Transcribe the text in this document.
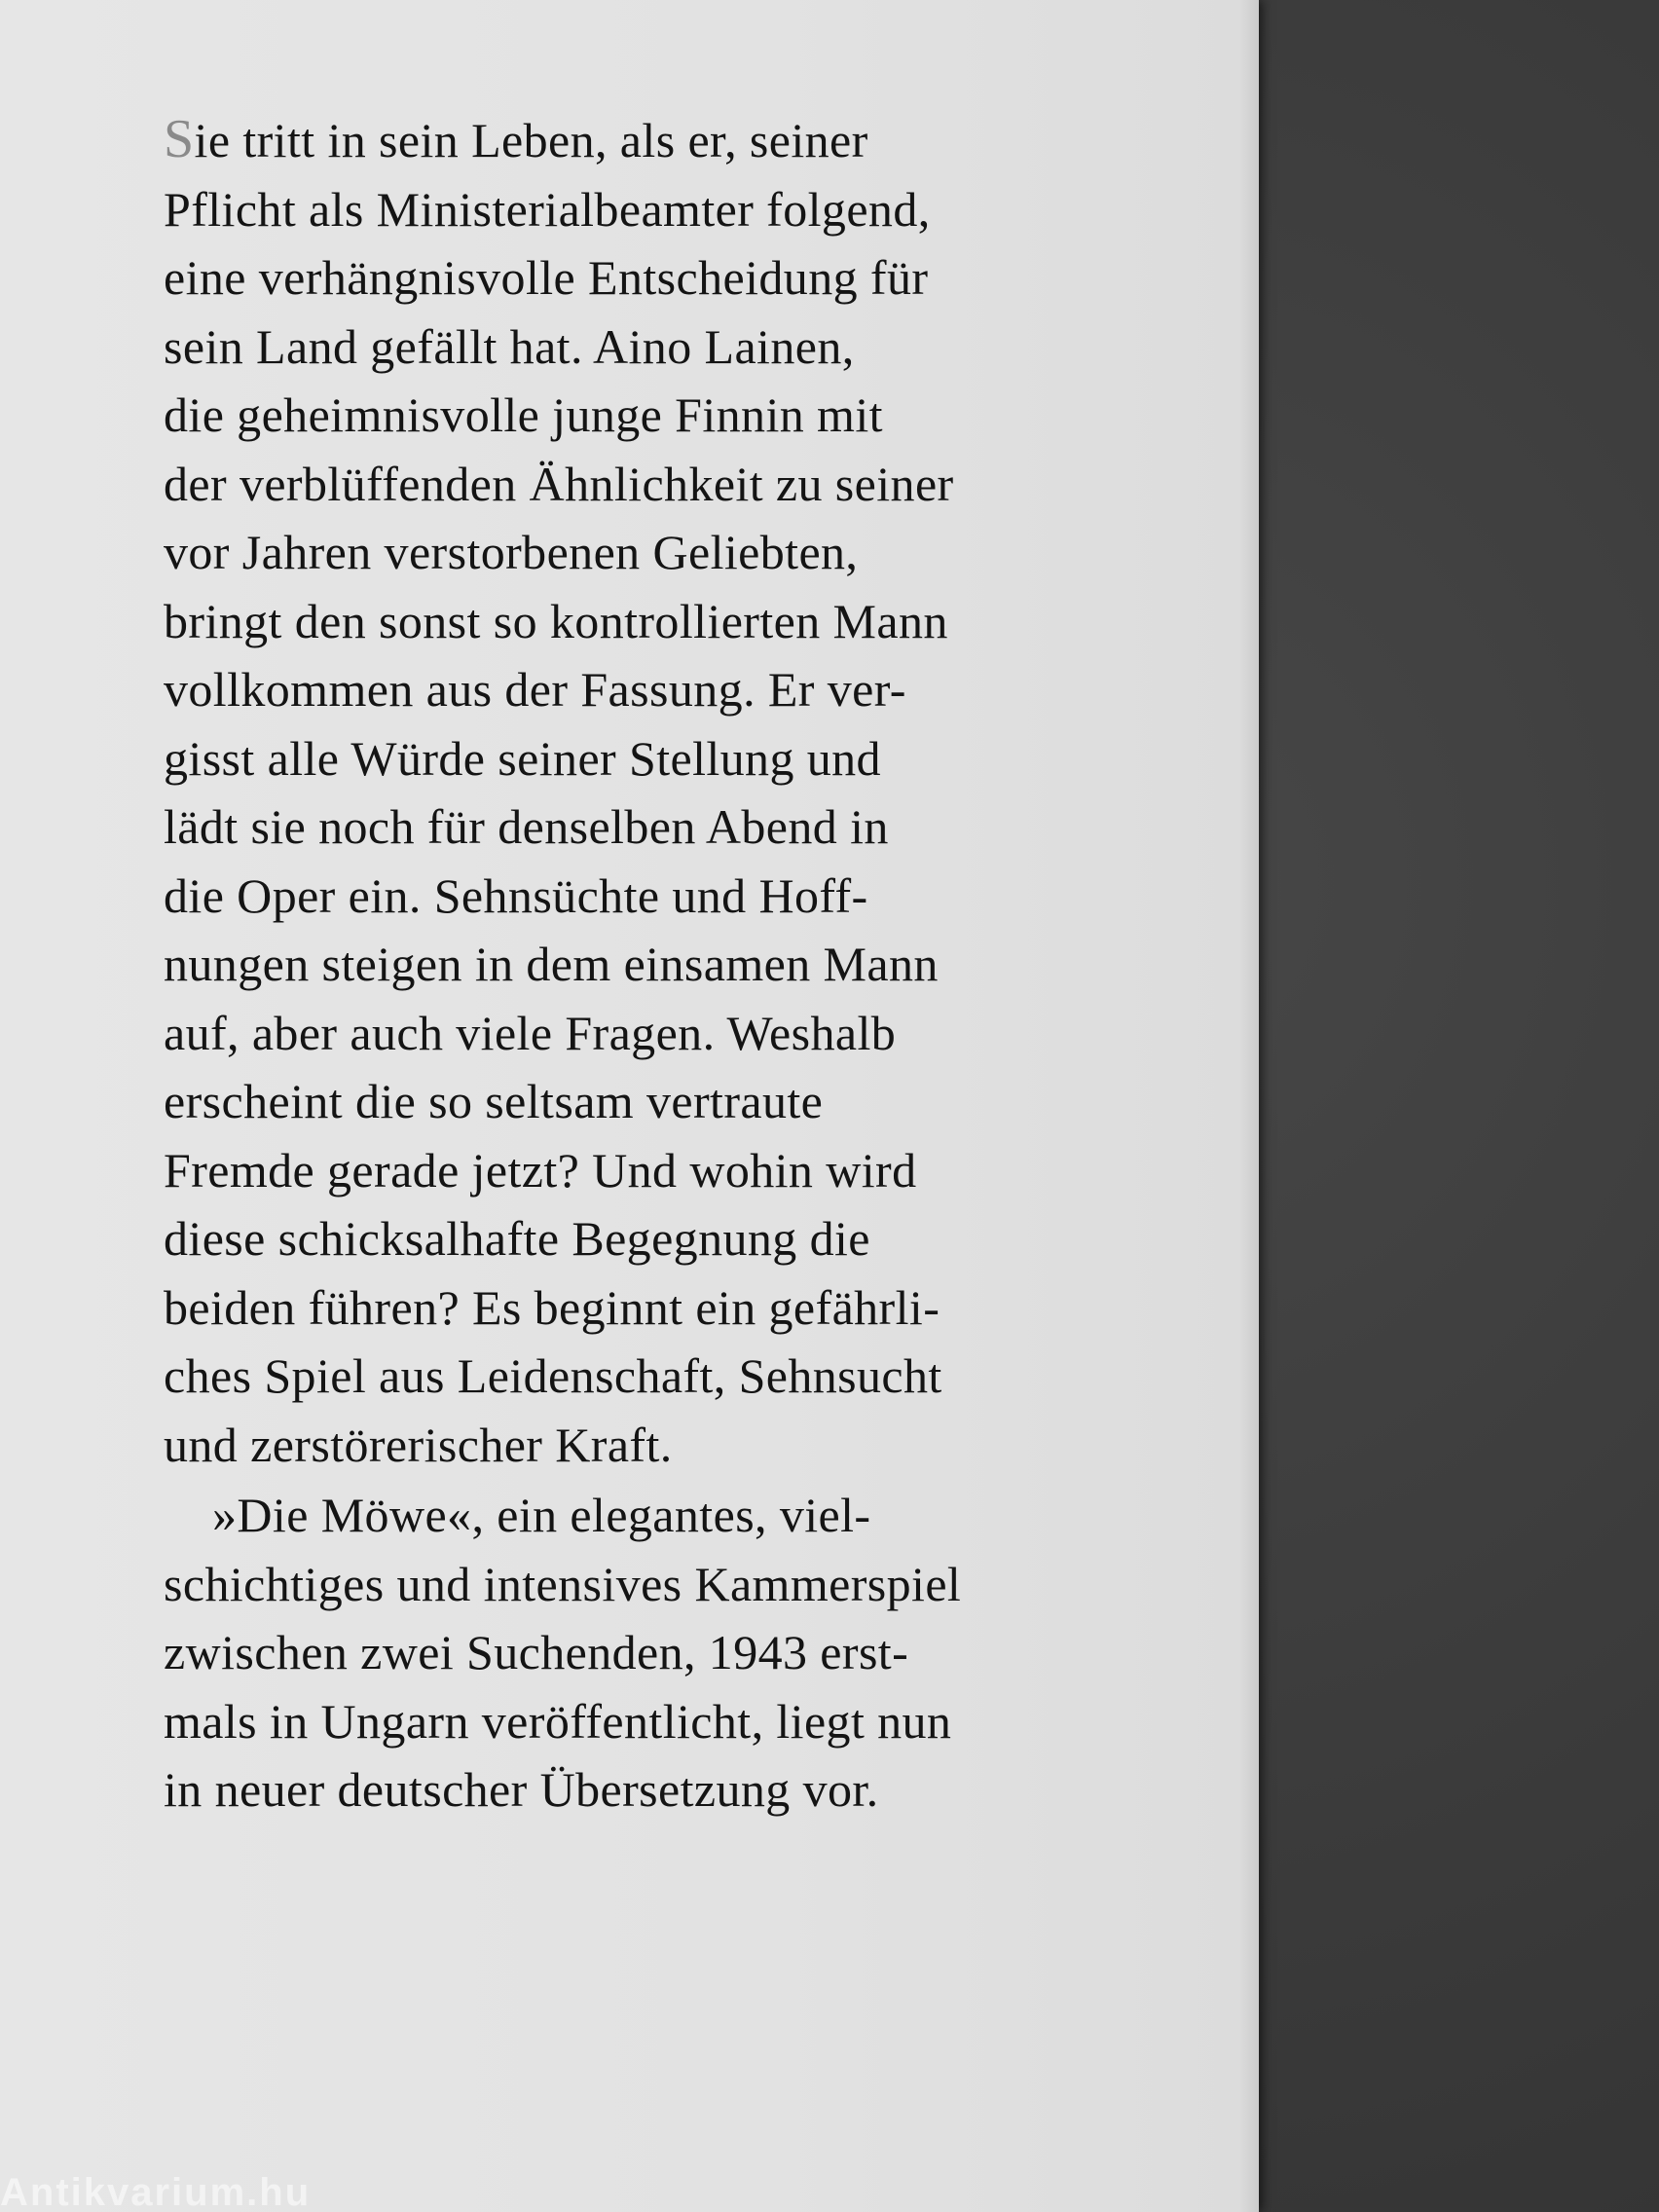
Sie tritt in sein Leben, als er, seiner
Pflicht als Ministerialbeamter folgend,
eine verhängnisvolle Entscheidung für
sein Land gefällt hat. Aino Lainen,
die geheimnisvolle junge Finnin mit
der verblüffenden Ähnlichkeit zu seiner
vor Jahren verstorbenen Geliebten,
bringt den sonst so kontrollierten Mann
vollkommen aus der Fassung. Er ver-
gisst alle Würde seiner Stellung und
lädt sie noch für denselben Abend in
die Oper ein. Sehnsüchte und Hoff-
nungen steigen in dem einsamen Mann
auf, aber auch viele Fragen. Weshalb
erscheint die so seltsam vertraute
Fremde gerade jetzt? Und wohin wird
diese schicksalhafte Begegnung die
beiden führen? Es beginnt ein gefährli-
ches Spiel aus Leidenschaft, Sehnsucht
und zerstörerischer Kraft.
»Die Möwe«, ein elegantes, viel-
schichtiges und intensives Kammerspiel
zwischen zwei Suchenden, 1943 erst-
mals in Ungarn veröffentlicht, liegt nun
in neuer deutscher Übersetzung vor.
Antikvarium.hu
